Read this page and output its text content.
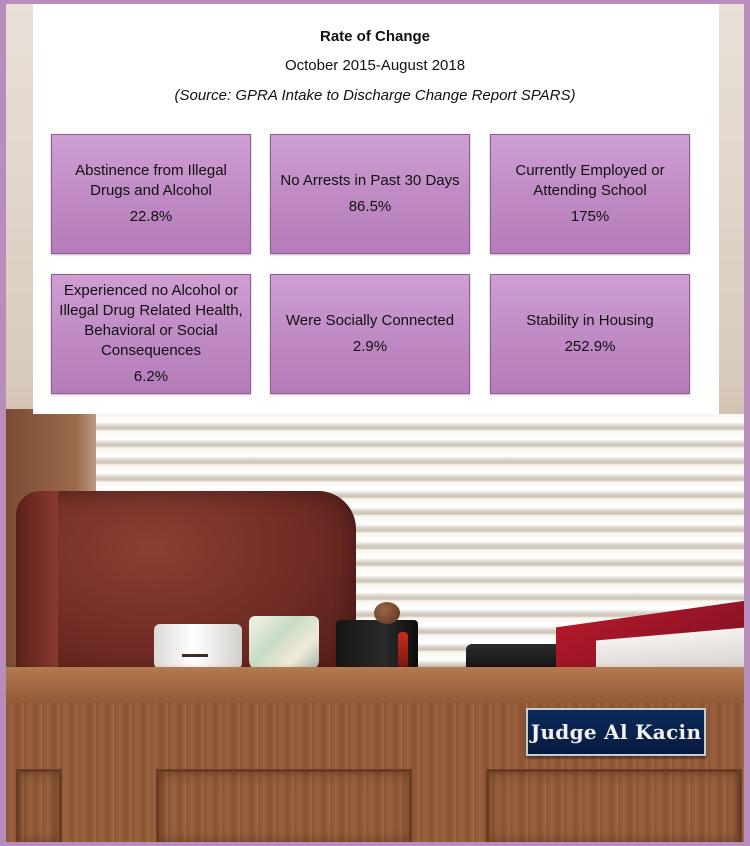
Judge Al Kacin
Rate of Change
October 2015-August 2018
(Source: GPRA Intake to Discharge Change Report SPARS)
Abstinence from Illegal Drugs and Alcohol
22.8%
No Arrests in Past 30 Days
86.5%
Currently Employed or Attending School
175%
Experienced no Alcohol or Illegal Drug Related Health, Behavioral or Social Consequences
6.2%
Were Socially Connected
2.9%
Stability in Housing
252.9%
